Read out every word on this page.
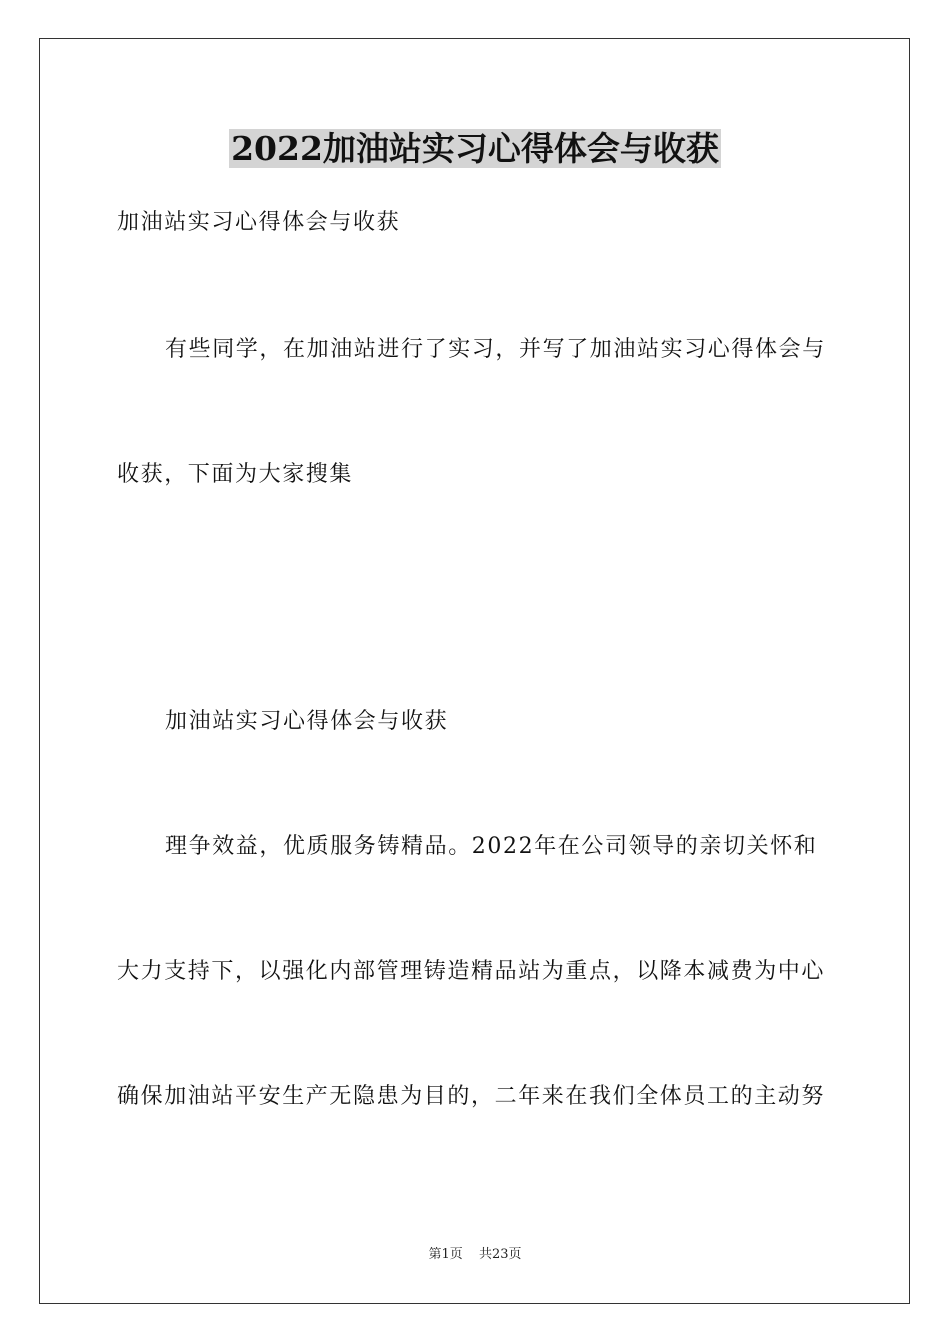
2022加油站实习心得体会与收获
加油站实习心得体会与收获
有些同学，在加油站进行了实习，并写了加油站实习心得体会与
收获，下面为大家搜集
加油站实习心得体会与收获
理争效益，优质服务铸精品。2022年在公司领导的亲切关怀和
大力支持下，以强化内部管理铸造精品站为重点，以降本减费为中心
确保加油站平安生产无隐患为目的，二年来在我们全体员工的主动努
第1页 共23页
